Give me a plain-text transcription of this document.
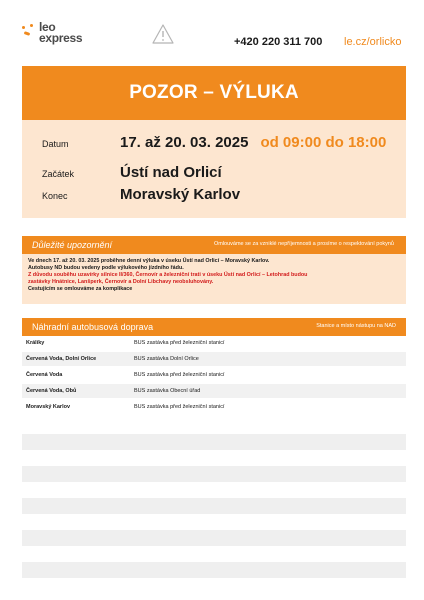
leo
express	+420 220 311 700 le.cz/orlicko
POZOR – VÝLUKA
Datum	17. až 20. 03. 2025 od 09:00 do 18:00
Začátek	Ústí nad Orlicí
Konec	Moravský Karlov
Důležité upozornění	Omlouváme se za vzniklé nepříjemnosti a prosíme o respektování pokynů

Ve dnech 17. až 20. 03. 2025 proběhne denní výluka v úseku Ústí nad Orlicí – Moravský Karlov.

Autobusy ND budou vedeny podle výlukového jízdního řádu.

Z důvodu souběhu uzavírky silnice II/360, Černovír a železniční trati v úseku Ústí nad Orlicí – Letohrad budou

zastávky Hnátnice, Lanšperk, Černovír a Dolní Libchavy neobsluhovány.

Cestujícím se omlouváme za komplikace

Náhradní autobusová doprava	Stanice a místo nástupu na NAD
Králíky	BUS zastávka před železniční stanicí
Červená Voda, Dolní Orlice	BUS zastávka Dolní Orlice
Červená Voda	BUS zastávka před železniční stanicí
Červená Voda, Obů	BUS zastávka Obecní úřad
Moravský Karlov	BUS zastávka před železniční stanicí
